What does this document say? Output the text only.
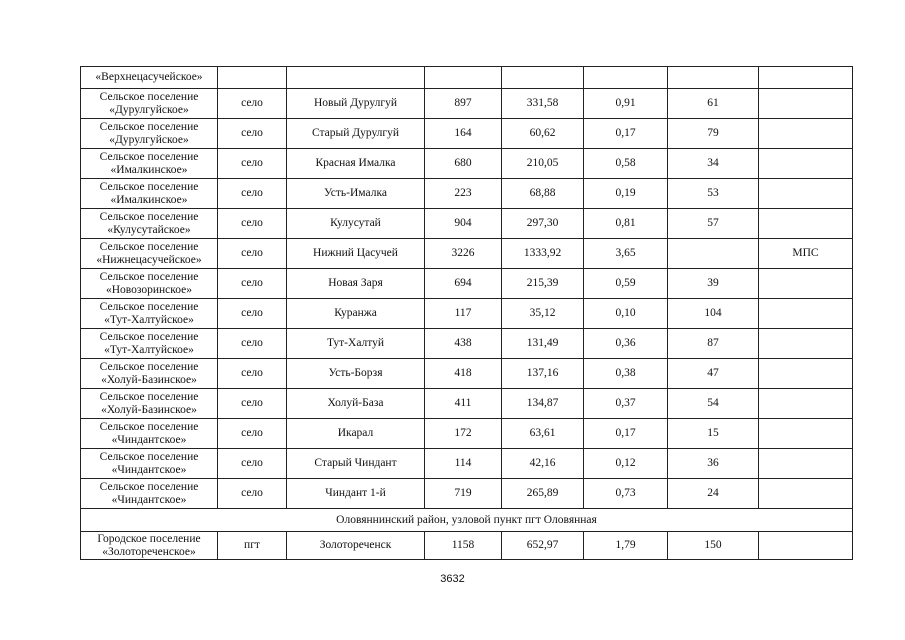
«Верхнецасучейское»							
Сельское поселение
«Дурулгуйское»	село	Новый Дурулгуй	897	331,58	0,91	61	
Сельское поселение
«Дурулгуйское»	село	Старый Дурулгуй	164	60,62	0,17	79	
Сельское поселение
«Ималкинское»	село	Красная Ималка	680	210,05	0,58	34	
Сельское поселение
«Ималкинское»	село	Усть-Ималка	223	68,88	0,19	53	
Сельское поселение
«Кулусутайское»	село	Кулусутай	904	297,30	0,81	57	
Сельское поселение
«Нижнецасучейское»	село	Нижний Цасучей	3226	1333,92	3,65		МПС
Сельское поселение
«Новозоринское»	село	Новая Заря	694	215,39	0,59	39	
Сельское поселение
«Тут-Халтуйское»	село	Куранжа	117	35,12	0,10	104	
Сельское поселение
«Тут-Халтуйское»	село	Тут-Халтуй	438	131,49	0,36	87	
Сельское поселение
«Холуй-Базинское»	село	Усть-Борзя	418	137,16	0,38	47	
Сельское поселение
«Холуй-Базинское»	село	Холуй-База	411	134,87	0,37	54	
Сельское поселение
«Чиндантское»	село	Икарал	172	63,61	0,17	15	
Сельское поселение
«Чиндантское»	село	Старый Чиндант	114	42,16	0,12	36	
Сельское поселение
«Чиндантское»	село	Чиндант 1-й	719	265,89	0,73	24	
Оловяннинский район, узловой пункт пгт Оловянная							
Городское поселение
«Золотореченское»	пгт	Золотореченск	1158	652,97	1,79	150	
3632
